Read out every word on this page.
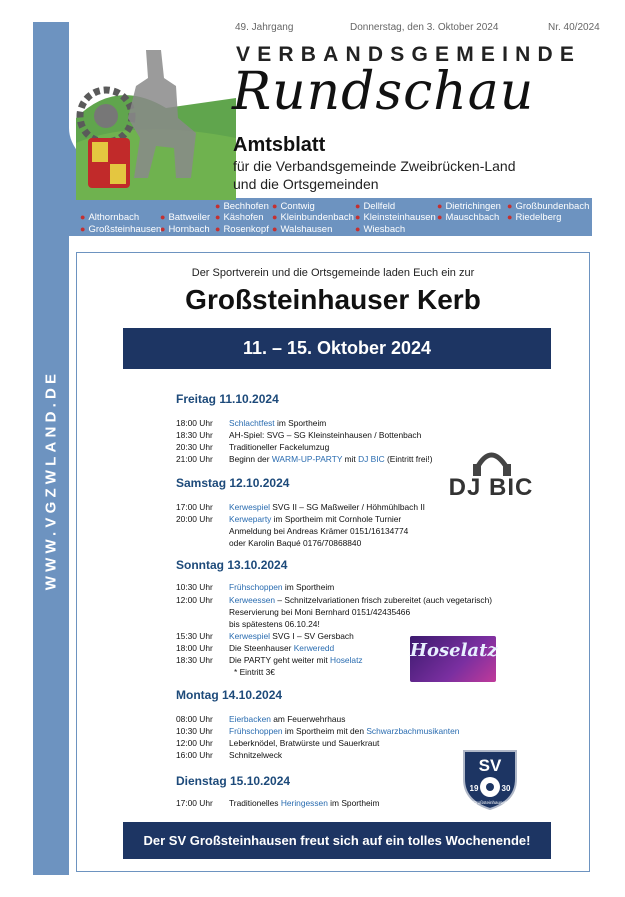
WWW.VGZWLAND.DE
49. Jahrgang	Donnerstag, den 3. Oktober 2024	Nr. 40/2024
VERBANDSGEMEINDE
Rundschau
Amtsblatt
für die Verbandsgemeinde Zweibrücken-Land
und die Ortsgemeinden
● Althornbach
● Großsteinhausen
● Battweiler
● Hornbach
● Bechhofen
● Käshofen
● Rosenkopf
● Contwig
● Kleinbundenbach
● Walshausen
● Dellfeld
● Kleinsteinhausen
● Wiesbach
● Dietrichingen
● Mauschbach
● Großbundenbach
● Riedelberg
Der Sportverein und die Ortsgemeinde laden Euch ein zur
Großsteinhauser Kerb
11. – 15. Oktober 2024
Freitag 11.10.2024
18:00 Uhr Schlachtfest im Sportheim
18:30 Uhr AH-Spiel: SVG – SG Kleinsteinhausen / Bottenbach
20:30 Uhr Traditioneller Fackelumzug
21:00 Uhr Beginn der WARM-UP-PARTY mit DJ BIC (Eintritt frei!)
Samstag 12.10.2024
17:00 Uhr Kerwespiel SVG II – SG Maßweiler / Höhmühlbach II
20:00 Uhr Kerweparty im Sportheim mit Cornhole Turnier
Anmeldung bei Andreas Krämer 0151/16134774
oder Karolin Baqué 0176/70868840
Sonntag 13.10.2024
10:30 Uhr Frühschoppen im Sportheim
12:00 Uhr Kerweessen – Schnitzelvariationen frisch zubereitet (auch vegetarisch)
Reservierung bei Moni Bernhard 0151/42435466
bis spätestens 06.10.24!
15:30 Uhr Kerwespiel SVG I – SV Gersbach
18:00 Uhr Die Steenhauser Kerweredd
18:30 Uhr Die PARTY geht weiter mit Hoselatz
* Eintritt 3€
Montag 14.10.2024
08:00 Uhr Eierbacken am Feuerwehrhaus
10:30 Uhr Frühschoppen im Sportheim mit den Schwarzbachmusikanten
12:00 Uhr Leberknödel, Bratwürste und Sauerkraut
16:00 Uhr Schnitzelweck
Dienstag 15.10.2024
17:00 Uhr Traditionelles Heringessen im Sportheim
DJ BIC
Hoselatz
SV
19	30
Großsteinhausen
Der SV Großsteinhausen freut sich auf ein tolles Wochenende!
